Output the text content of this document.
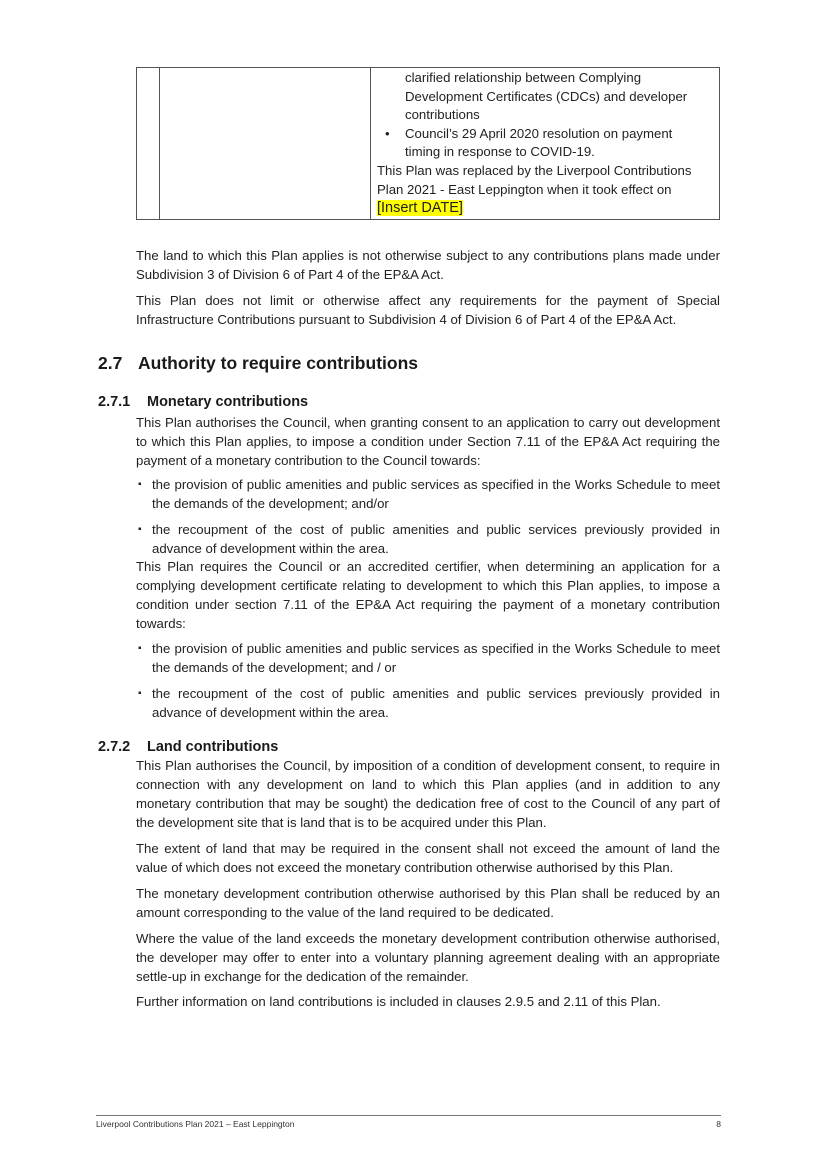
clarified relationship between Complying
Development Certificates (CDCs) and developer
contributions
• Council’s 29 April 2020 resolution on payment
timing in response to COVID-19.
This Plan was replaced by the Liverpool Contributions
Plan 2021 - East Leppington when it took effect on
[Insert DATE]

The land to which this Plan applies is not otherwise subject to any contributions plans made under Subdivision 3 of Division 6 of Part 4 of the EP&A Act.

This Plan does not limit or otherwise affect any requirements for the payment of Special Infrastructure Contributions pursuant to Subdivision 4 of Division 6 of Part 4 of the EP&A Act.

2.7 Authority to require contributions
2.7.1 Monetary contributions

This Plan authorises the Council, when granting consent to an application to carry out development to which this Plan applies, to impose a condition under Section 7.11 of the EP&A Act requiring the payment of a monetary contribution to the Council towards:

▪ the provision of public amenities and public services as specified in the Works Schedule to meet the demands of the development; and/or
▪ the recoupment of the cost of public amenities and public services previously provided in advance of development within the area.

This Plan requires the Council or an accredited certifier, when determining an application for a complying development certificate relating to development to which this Plan applies, to impose a condition under section 7.11 of the EP&A Act requiring the payment of a monetary contribution towards:

▪ the provision of public amenities and public services as specified in the Works Schedule to meet the demands of the development; and / or
▪ the recoupment of the cost of public amenities and public services previously provided in advance of development within the area.
2.7.2 Land contributions

This Plan authorises the Council, by imposition of a condition of development consent, to require in connection with any development on land to which this Plan applies (and in addition to any monetary contribution that may be sought) the dedication free of cost to the Council of any part of the development site that is land that is to be acquired under this Plan.

The extent of land that may be required in the consent shall not exceed the amount of land the value of which does not exceed the monetary contribution otherwise authorised by this Plan.

The monetary development contribution otherwise authorised by this Plan shall be reduced by an amount corresponding to the value of the land required to be dedicated.

Where the value of the land exceeds the monetary development contribution otherwise authorised, the developer may offer to enter into a voluntary planning agreement dealing with an appropriate settle-up in exchange for the dedication of the remainder.

Further information on land contributions is included in clauses 2.9.5 and 2.11 of this Plan.

Liverpool Contributions Plan 2021 – East Leppington	8
